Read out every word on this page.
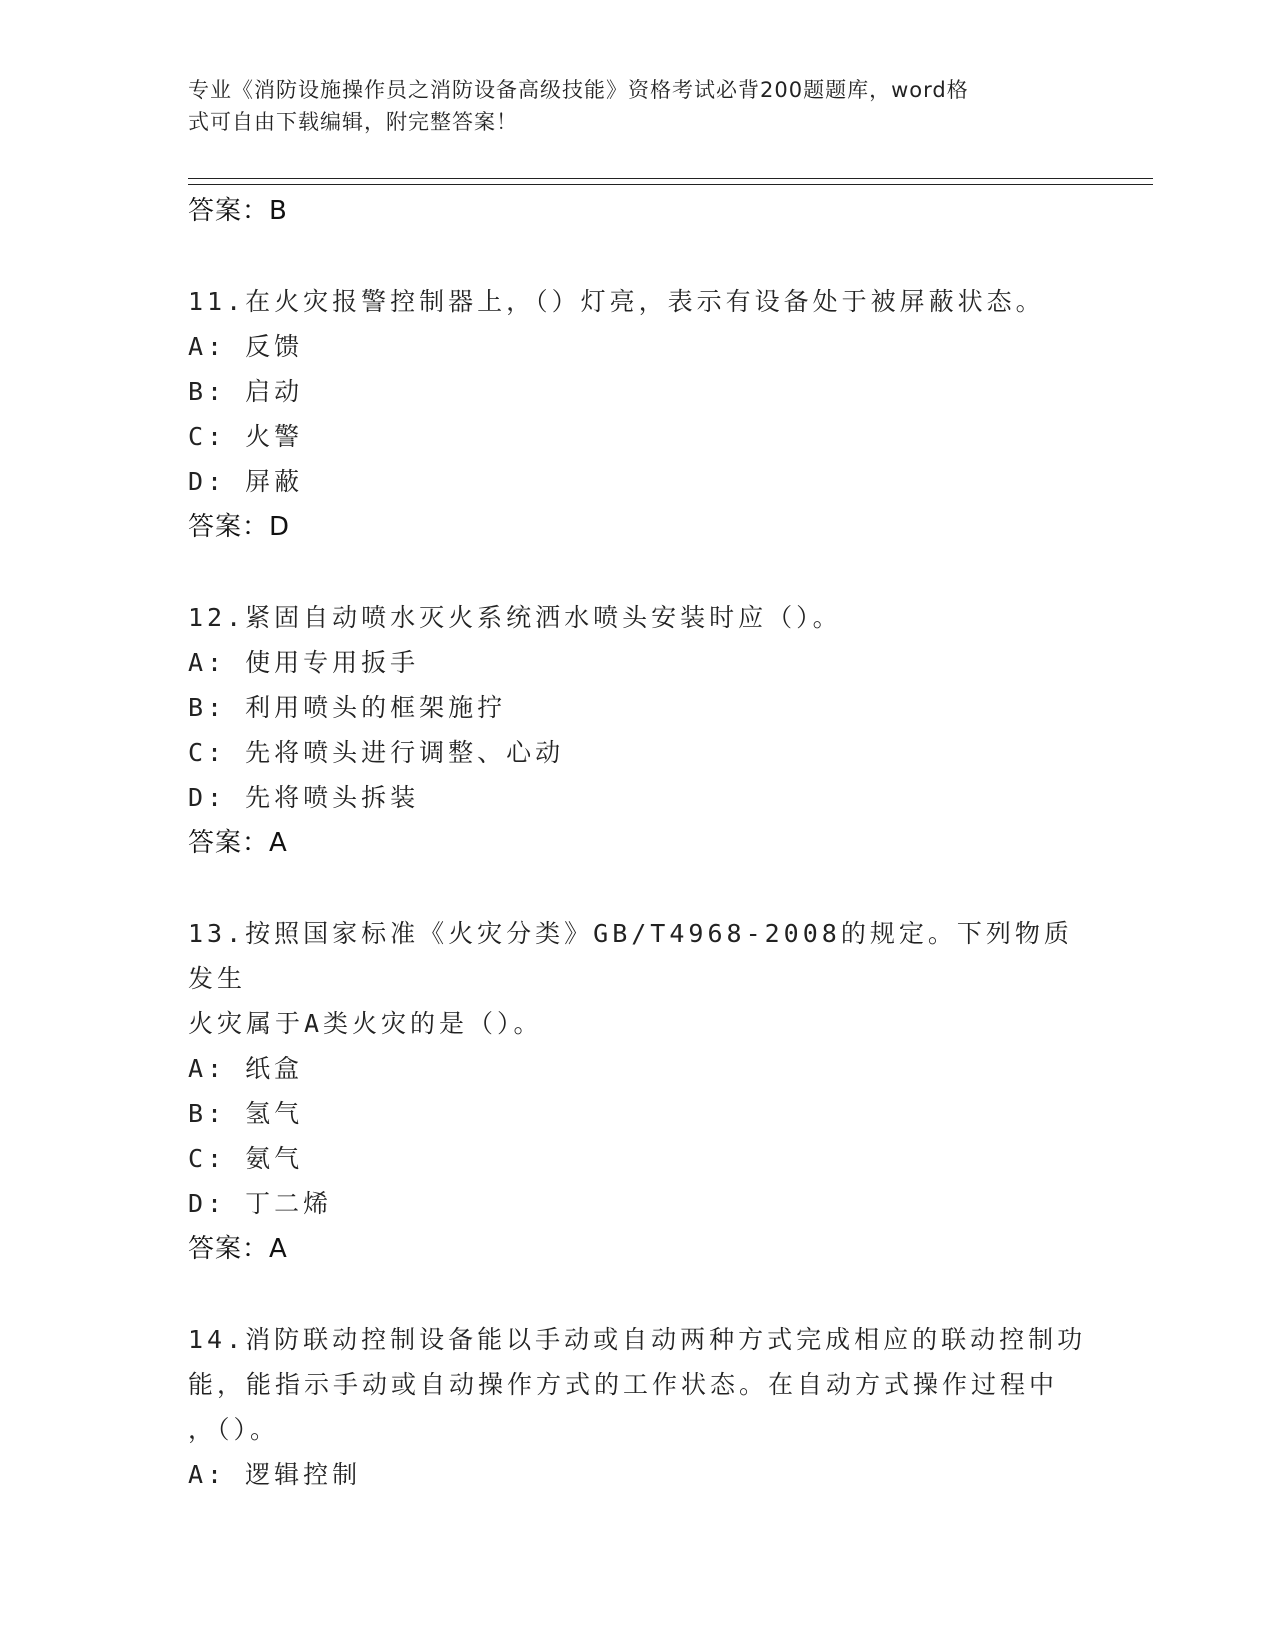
专业《消防设施操作员之消防设备高级技能》资格考试必背200题题库，word格
式可自由下载编辑，附完整答案！

答案：B

11.在火灾报警控制器上，（）灯亮，表示有设备处于被屏蔽状态。

A: 反馈

B: 启动

C: 火警

D: 屏蔽

答案：D

12.紧固自动喷水灭火系统洒水喷头安装时应（）。

A: 使用专用扳手

B: 利用喷头的框架施拧

C: 先将喷头进行调整、心动

D: 先将喷头拆装

答案：A

13.按照国家标准《火灾分类》GB/T4968-2008的规定。下列物质发生

火灾属于A类火灾的是（）。

A: 纸盒

B: 氢气

C: 氨气

D: 丁二烯

答案：A

14.消防联动控制设备能以手动或自动两种方式完成相应的联动控制功

能，能指示手动或自动操作方式的工作状态。在自动方式操作过程中

，（）。

A: 逻辑控制
